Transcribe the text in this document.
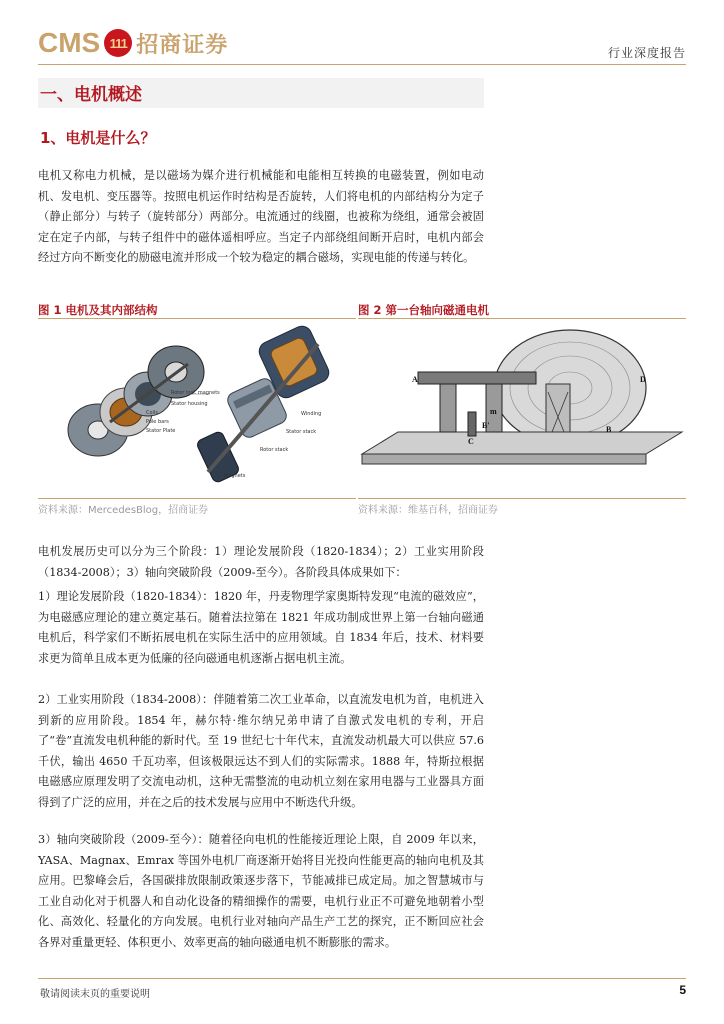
CMS 111 招商证券	行业深度报告
一、电机概述
1、电机是什么？

电机又称电力机械，是以磁场为媒介进行机械能和电能相互转换的电磁装置，例如电动机、发电机、变压器等。按照电机运作时结构是否旋转，人们将电机的内部结构分为定子（静止部分）与转子（旋转部分）两部分。电流通过的线圈，也被称为绕组，通常会被固定在定子内部，与转子组件中的磁体遥相呼应。当定子内部绕组间断开启时，电机内部会经过方向不断变化的励磁电流并形成一个较为稳定的耦合磁场，实现电能的传递与转化。

图 1 电机及其内部结构
Rotor incl. magnets
Stator housing
Coils
Pole bars
Stator Plate
Winding
Stator stack
Rotor stack
Magnets
资料来源：MercedesBlog，招商证券
图 2 第一台轴向磁通电机
A	D
m
B'	B
C
资料来源：维基百科，招商证券

电机发展历史可以分为三个阶段：1）理论发展阶段（1820-1834）；2）工业实用阶段（1834-2008）；3）轴向突破阶段（2009-至今）。各阶段具体成果如下：

1）理论发展阶段（1820-1834）：1820 年，丹麦物理学家奥斯特发现“电流的磁效应”，为电磁感应理论的建立奠定基石。随着法拉第在 1821 年成功制成世界上第一台轴向磁通电机后，科学家们不断拓展电机在实际生活中的应用领域。自 1834 年后，技术、材料要求更为简单且成本更为低廉的径向磁通电机逐渐占据电机主流。

2）工业实用阶段（1834-2008）：伴随着第二次工业革命，以直流发电机为首，电机进入到新的应用阶段。1854 年，赫尔特·维尔纳兄弟申请了自激式发电机的专利，开启了“卷”直流发电机种能的新时代。至 19 世纪七十年代末，直流发动机最大可以供应 57.6 千伏，输出 4650 千瓦功率，但该极限远达不到人们的实际需求。1888 年，特斯拉根据电磁感应原理发明了交流电动机，这种无需整流的电动机立刻在家用电器与工业器具方面得到了广泛的应用，并在之后的技术发展与应用中不断迭代升级。

3）轴向突破阶段（2009-至今）：随着径向电机的性能接近理论上限，自 2009 年以来，YASA、Magnax、Emrax 等国外电机厂商逐渐开始将目光投向性能更高的轴向电机及其应用。巴黎峰会后，各国碳排放限制政策逐步落下，节能减排已成定局。加之智慧城市与工业自动化对于机器人和自动化设备的精细操作的需要，电机行业正不可避免地朝着小型化、高效化、轻量化的方向发展。电机行业对轴向产品生产工艺的探究，正不断回应社会各界对重量更轻、体积更小、效率更高的轴向磁通电机不断膨胀的需求。

敬请阅读末页的重要说明	5
